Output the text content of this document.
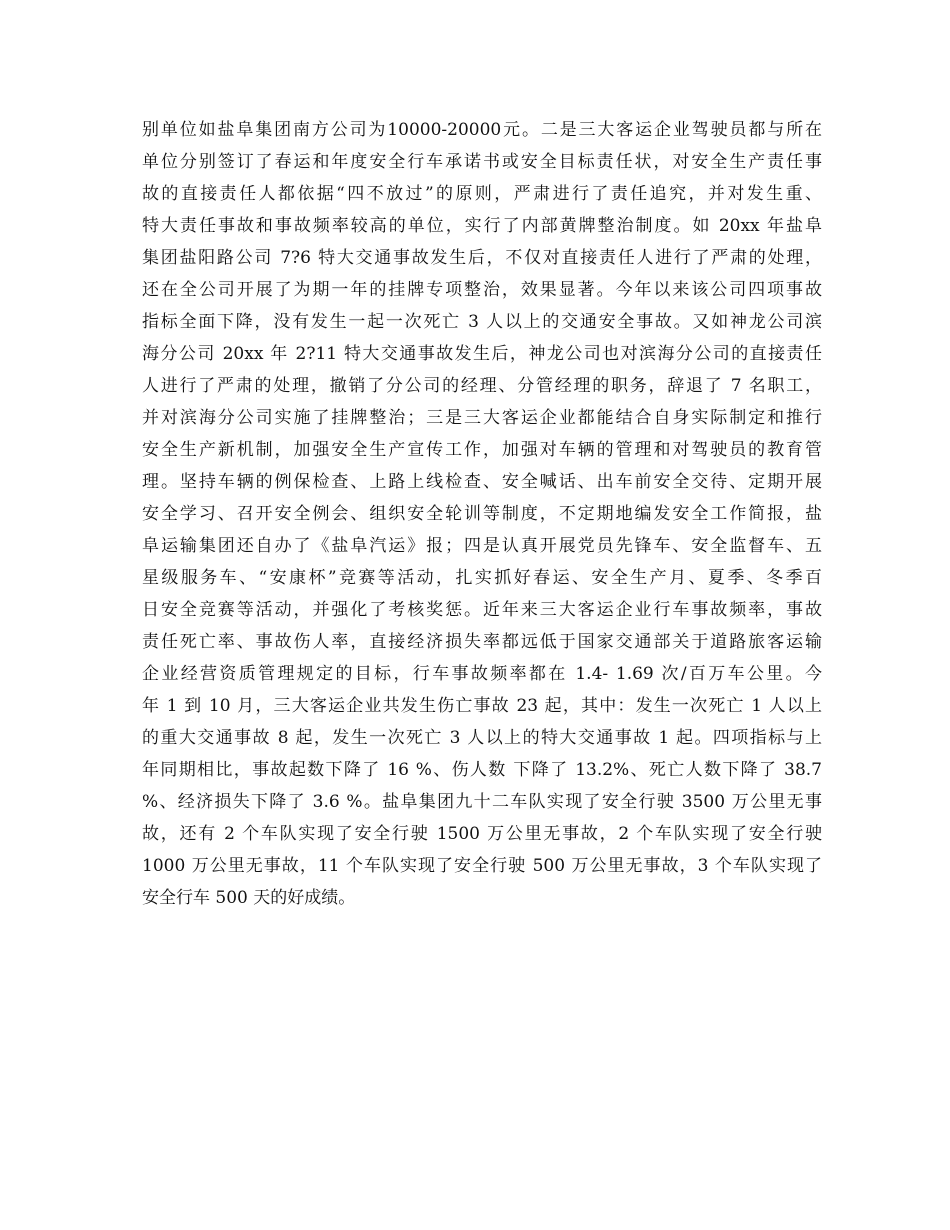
别单位如盐阜集团南方公司为10000-20000元。二是三大客运企业驾驶员都与所在
单位分别签订了春运和年度安全行车承诺书或安全目标责任状，对安全生产责任事
故的直接责任人都依据“四不放过”的原则，严肃进行了责任追究，并对发生重、
特大责任事故和事故频率较高的单位，实行了内部黄牌整治制度。如 20xx 年盐阜
集团盐阳路公司 7?6 特大交通事故发生后，不仅对直接责任人进行了严肃的处理，
还在全公司开展了为期一年的挂牌专项整治，效果显著。今年以来该公司四项事故
指标全面下降，没有发生一起一次死亡 3 人以上的交通安全事故。又如神龙公司滨
海分公司 20xx 年 2?11 特大交通事故发生后，神龙公司也对滨海分公司的直接责任
人进行了严肃的处理，撤销了分公司的经理、分管经理的职务，辞退了 7 名职工，
并对滨海分公司实施了挂牌整治；三是三大客运企业都能结合自身实际制定和推行
安全生产新机制，加强安全生产宣传工作，加强对车辆的管理和对驾驶员的教育管
理。坚持车辆的例保检查、上路上线检查、安全喊话、出车前安全交待、定期开展
安全学习、召开安全例会、组织安全轮训等制度，不定期地编发安全工作简报，盐
阜运输集团还自办了《盐阜汽运》报；四是认真开展党员先锋车、安全监督车、五
星级服务车、“安康杯”竞赛等活动，扎实抓好春运、安全生产月、夏季、冬季百
日安全竞赛等活动，并强化了考核奖惩。近年来三大客运企业行车事故频率，事故
责任死亡率、事故伤人率，直接经济损失率都远低于国家交通部关于道路旅客运输
企业经营资质管理规定的目标，行车事故频率都在 1.4- 1.69 次/百万车公里。今
年 1 到 10 月，三大客运企业共发生伤亡事故 23 起，其中：发生一次死亡 1 人以上
的重大交通事故 8 起，发生一次死亡 3 人以上的特大交通事故 1 起。四项指标与上
年同期相比，事故起数下降了 16 %、伤人数 下降了 13.2%、死亡人数下降了 38.7
%、经济损失下降了 3.6 %。盐阜集团九十二车队实现了安全行驶 3500 万公里无事
故，还有 2 个车队实现了安全行驶 1500 万公里无事故，2 个车队实现了安全行驶
1000 万公里无事故，11 个车队实现了安全行驶 500 万公里无事故，3 个车队实现了
安全行车 500 天的好成绩。
